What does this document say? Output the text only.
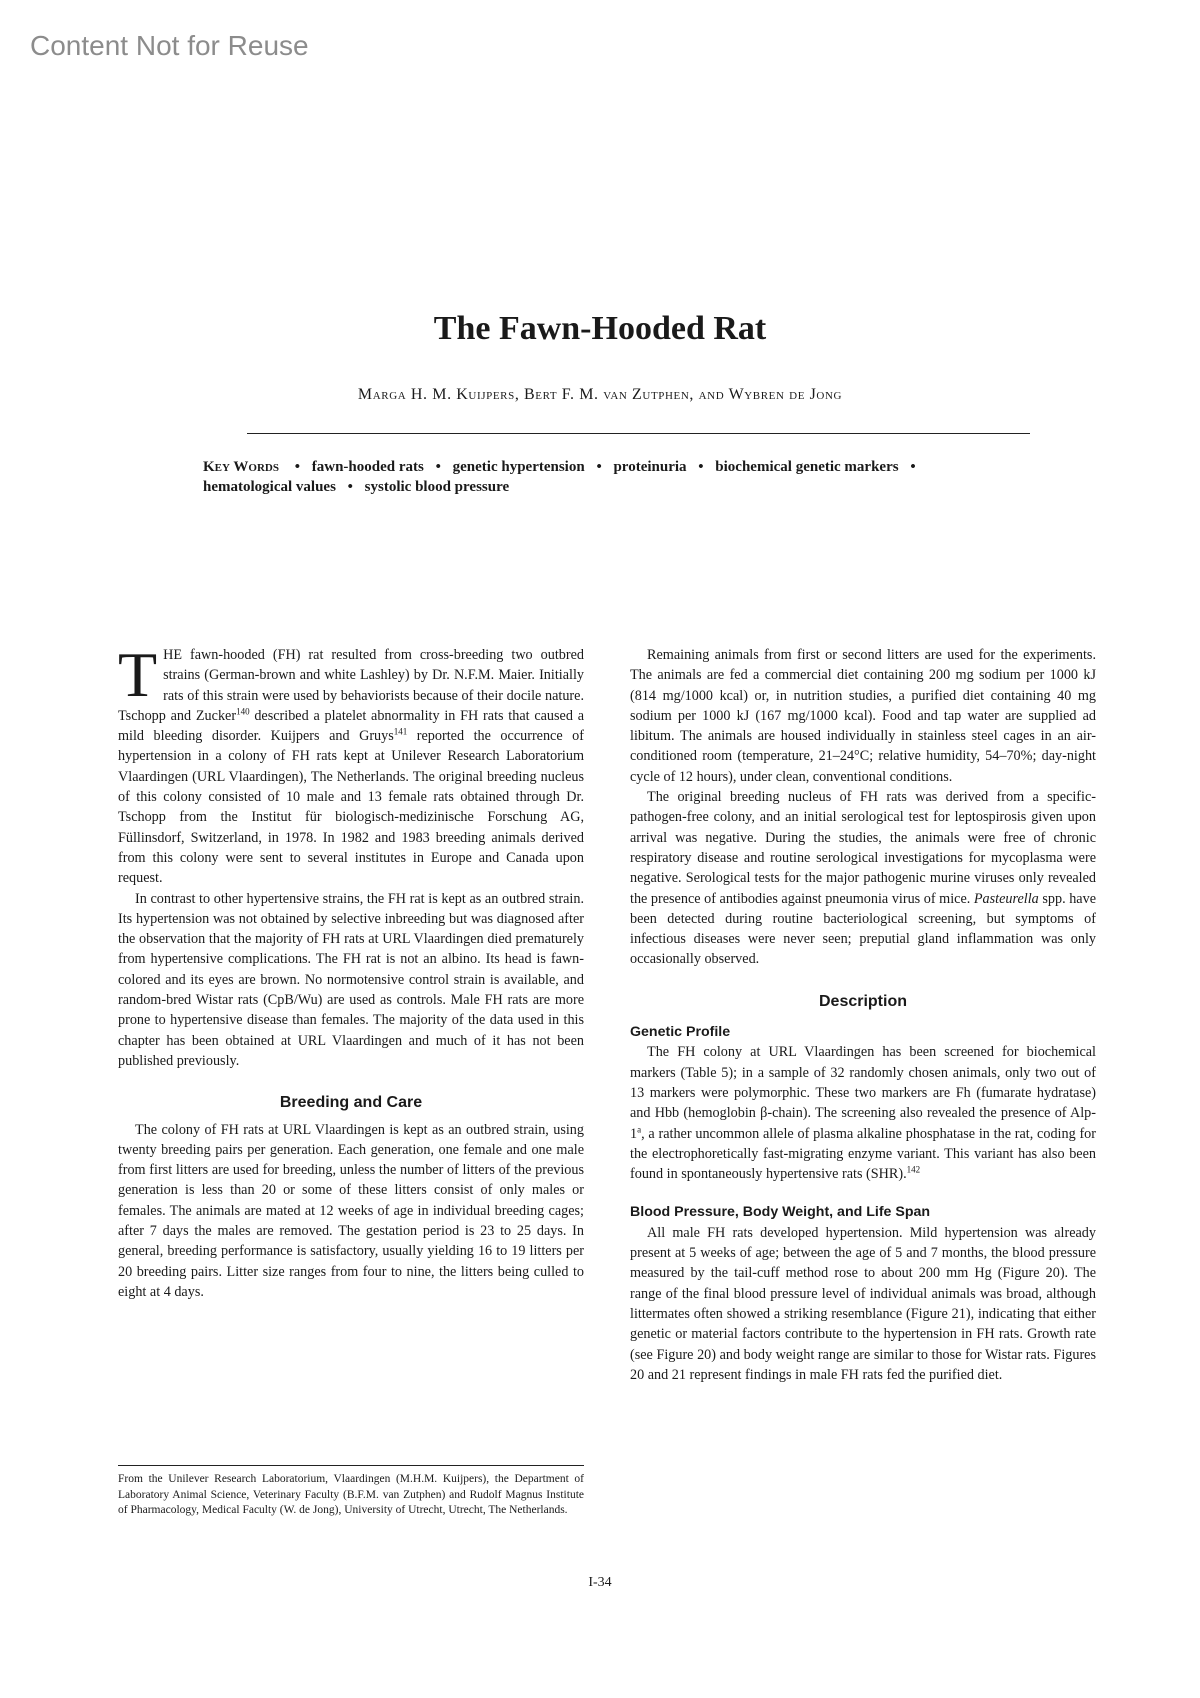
Content Not for Reuse
The Fawn-Hooded Rat
Marga H. M. Kuijpers, Bert F. M. van Zutphen, and Wybren de Jong
Key Words • fawn-hooded rats • genetic hypertension • proteinuria • biochemical genetic markers • hematological values • systolic blood pressure

THE fawn-hooded (FH) rat resulted from cross-breeding two outbred strains (German-brown and white Lashley) by Dr. N.F.M. Maier. Initially rats of this strain were used by behaviorists because of their docile nature. Tschopp and Zucker$^{140}$ described a platelet abnormality in FH rats that caused a mild bleeding disorder. Kuijpers and Gruys$^{141}$ reported the occurrence of hypertension in a colony of FH rats kept at Unilever Research Laboratorium Vlaardingen (URL Vlaardingen), The Netherlands. The original breeding nucleus of this colony consisted of 10 male and 13 female rats obtained through Dr. Tschopp from the Institut für biologisch-medizinische Forschung AG, Füllinsdorf, Switzerland, in 1978. In 1982 and 1983 breeding animals derived from this colony were sent to several institutes in Europe and Canada upon request.

In contrast to other hypertensive strains, the FH rat is kept as an outbred strain. Its hypertension was not obtained by selective inbreeding but was diagnosed after the observation that the majority of FH rats at URL Vlaardingen died prematurely from hypertensive complications. The FH rat is not an albino. Its head is fawn-colored and its eyes are brown. No normotensive control strain is available, and random-bred Wistar rats (CpB/Wu) are used as controls. Male FH rats are more prone to hypertensive disease than females. The majority of the data used in this chapter has been obtained at URL Vlaardingen and much of it has not been published previously.

Breeding and Care

The colony of FH rats at URL Vlaardingen is kept as an outbred strain, using twenty breeding pairs per generation. Each generation, one female and one male from first litters are used for breeding, unless the number of litters of the previous generation is less than 20 or some of these litters consist of only males or females. The animals are mated at 12 weeks of age in individual breeding cages; after 7 days the males are removed. The gestation period is 23 to 25 days. In general, breeding performance is satisfactory, usually yielding 16 to 19 litters per 20 breeding pairs. Litter size ranges from four to nine, the litters being culled to eight at 4 days.

Remaining animals from first or second litters are used for the experiments. The animals are fed a commercial diet containing 200 mg sodium per 1000 kJ (814 mg/1000 kcal) or, in nutrition studies, a purified diet containing 40 mg sodium per 1000 kJ (167 mg/1000 kcal). Food and tap water are supplied ad libitum. The animals are housed individually in stainless steel cages in an air-conditioned room (temperature, 21–24°C; relative humidity, 54–70%; day-night cycle of 12 hours), under clean, conventional conditions.

The original breeding nucleus of FH rats was derived from a specific-pathogen-free colony, and an initial serological test for leptospirosis given upon arrival was negative. During the studies, the animals were free of chronic respiratory disease and routine serological investigations for mycoplasma were negative. Serological tests for the major pathogenic murine viruses only revealed the presence of antibodies against pneumonia virus of mice. Pasteurella spp. have been detected during routine bacteriological screening, but symptoms of infectious diseases were never seen; preputial gland inflammation was only occasionally observed.

Description
Genetic Profile

The FH colony at URL Vlaardingen has been screened for biochemical markers (Table 5); in a sample of 32 randomly chosen animals, only two out of 13 markers were polymorphic. These two markers are Fh (fumarate hydratase) and Hbb (hemoglobin β-chain). The screening also revealed the presence of Alp-1$^a$, a rather uncommon allele of plasma alkaline phosphatase in the rat, coding for the electrophoretically fast-migrating enzyme variant. This variant has also been found in spontaneously hypertensive rats (SHR).$^{142}$

Blood Pressure, Body Weight, and Life Span

All male FH rats developed hypertension. Mild hypertension was already present at 5 weeks of age; between the age of 5 and 7 months, the blood pressure measured by the tail-cuff method rose to about 200 mm Hg (Figure 20). The range of the final blood pressure level of individual animals was broad, although littermates often showed a striking resemblance (Figure 21), indicating that either genetic or material factors contribute to the hypertension in FH rats. Growth rate (see Figure 20) and body weight range are similar to those for Wistar rats. Figures 20 and 21 represent findings in male FH rats fed the purified diet.

From the Unilever Research Laboratorium, Vlaardingen (M.H.M. Kuijpers), the Department of Laboratory Animal Science, Veterinary Faculty (B.F.M. van Zutphen) and Rudolf Magnus Institute of Pharmacology, Medical Faculty (W. de Jong), University of Utrecht, Utrecht, The Netherlands.
I-34
